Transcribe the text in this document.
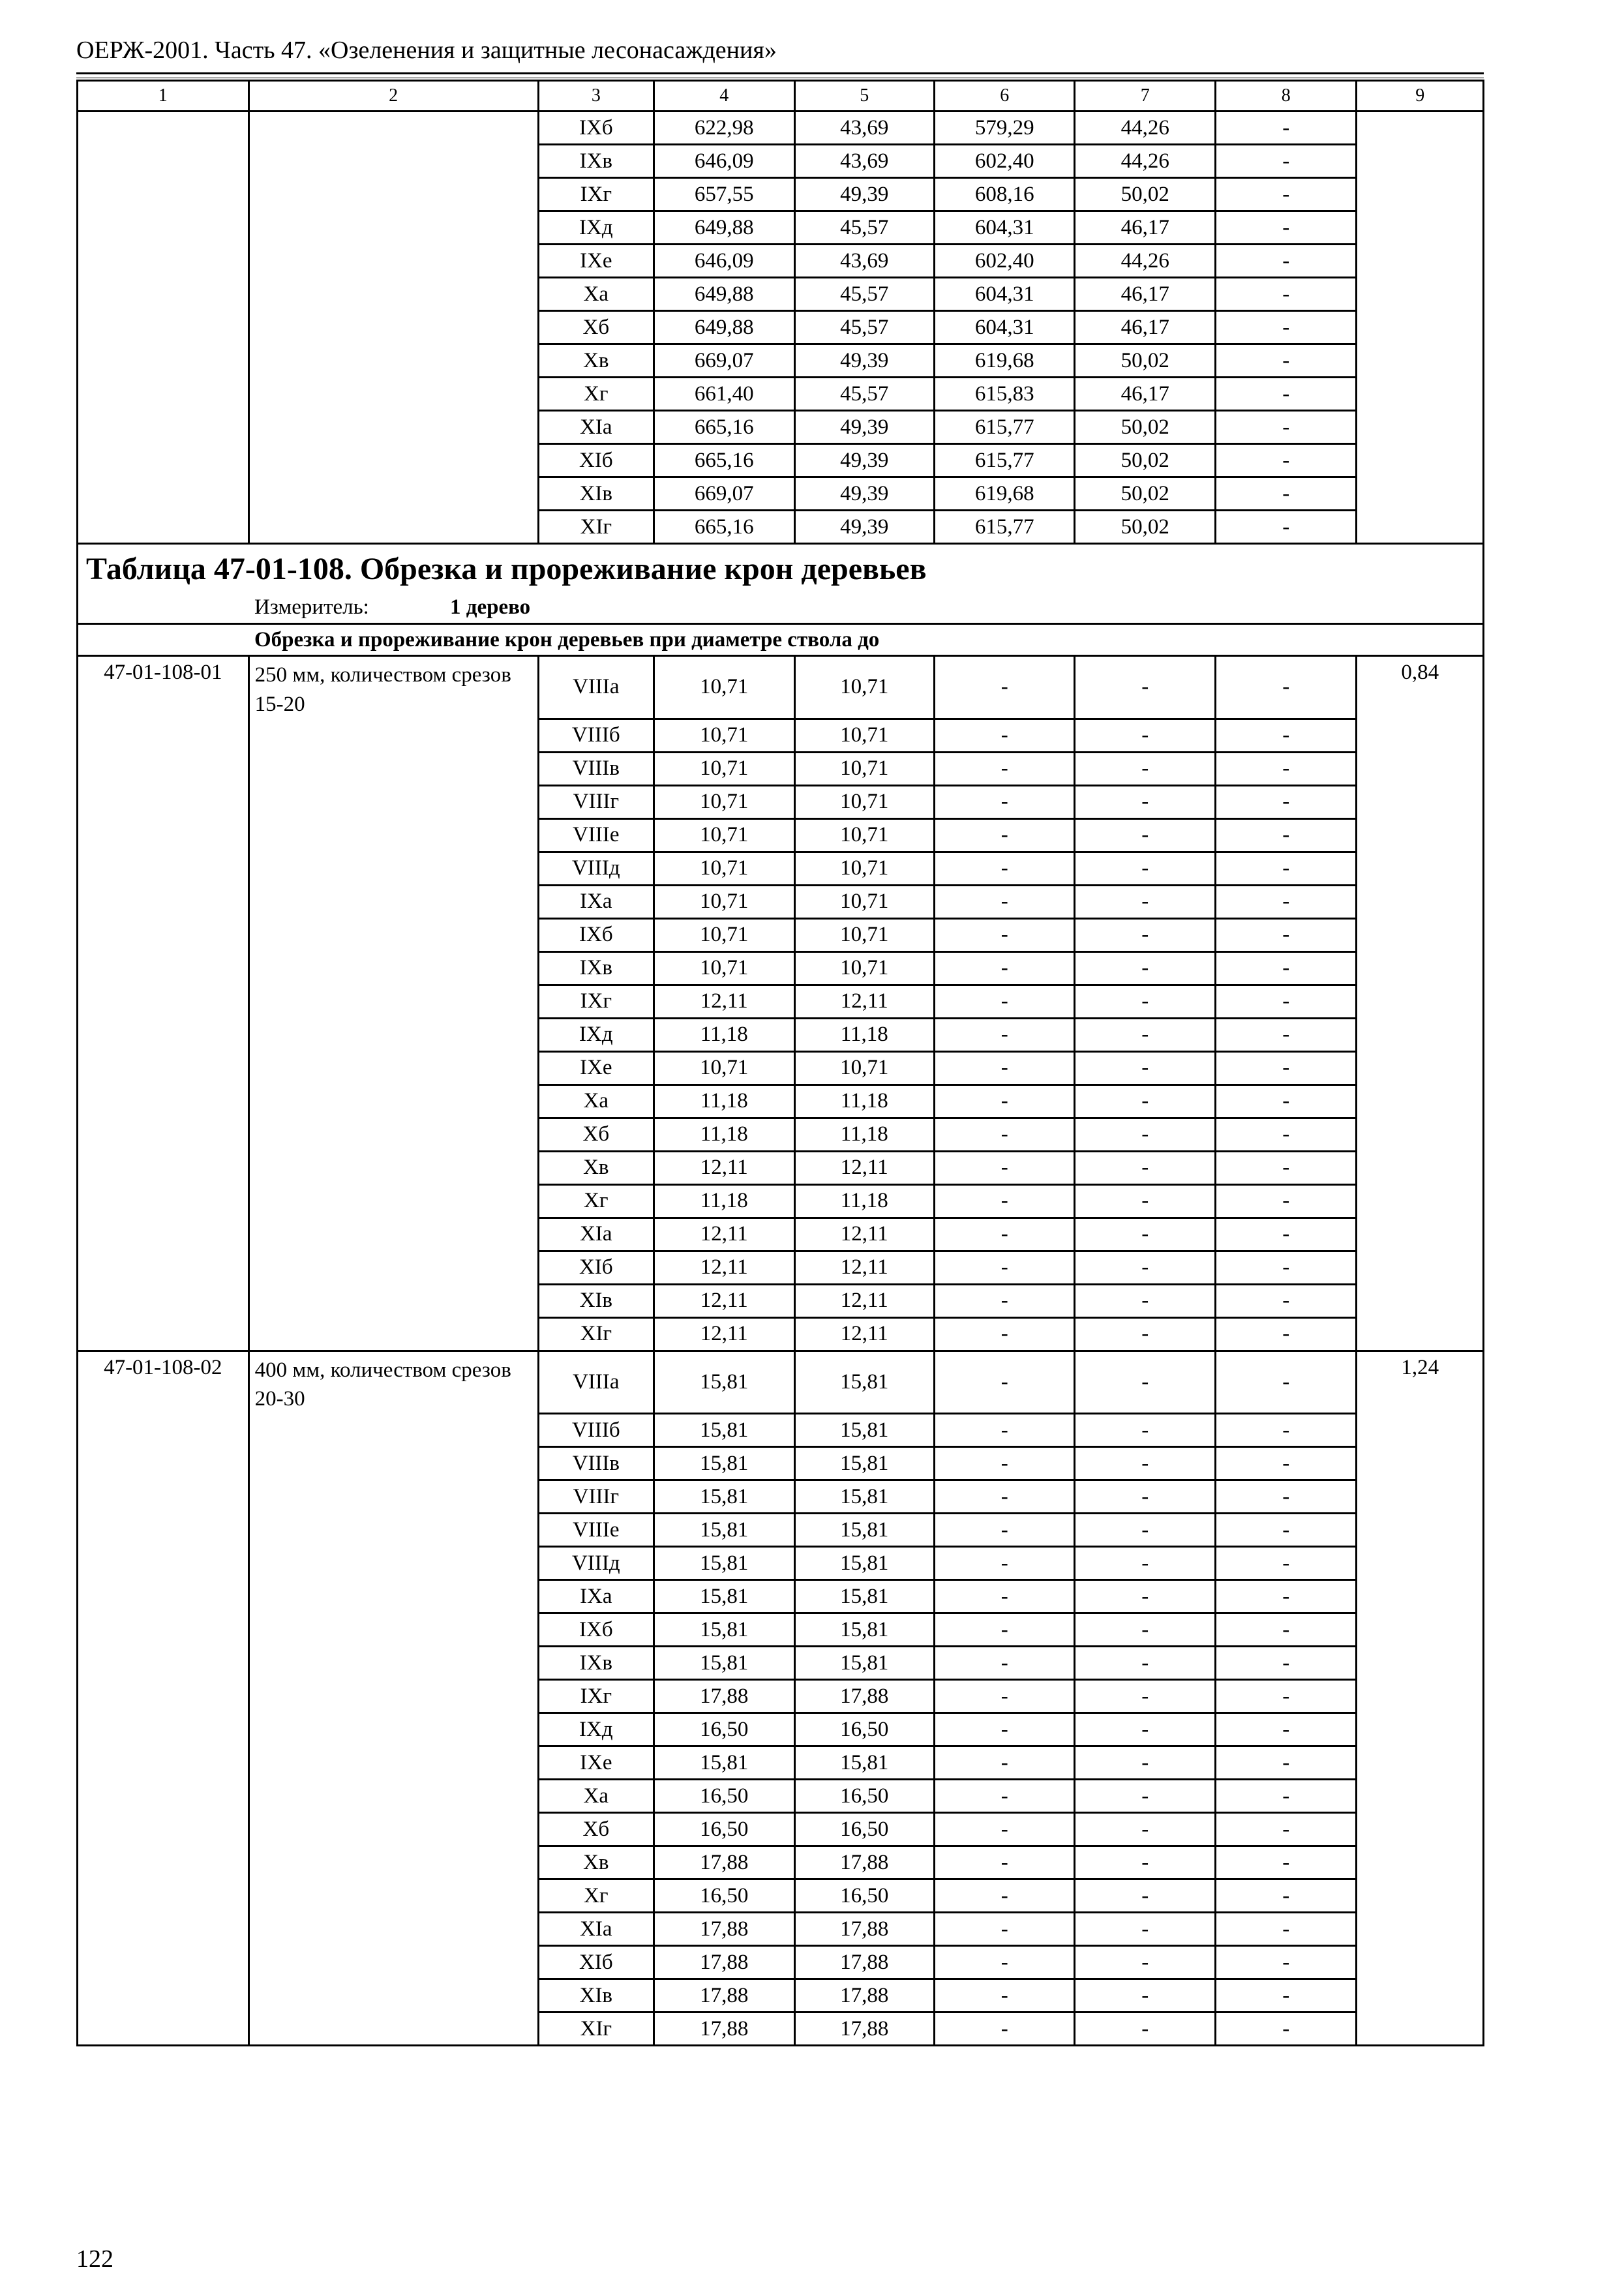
ОЕРЖ-2001. Часть 47. «Озеленения и защитные лесонасаждения»
1	2	3	4	5	6	7	8	9
		IXб	622,98	43,69	579,29	44,26	-	
		IXв	646,09	43,69	602,40	44,26	-	
		IXг	657,55	49,39	608,16	50,02	-	
		IXд	649,88	45,57	604,31	46,17	-	
		IXе	646,09	43,69	602,40	44,26	-	
		Xа	649,88	45,57	604,31	46,17	-	
		Xб	649,88	45,57	604,31	46,17	-	
		Xв	669,07	49,39	619,68	50,02	-	
		Xг	661,40	45,57	615,83	46,17	-	
		XIа	665,16	49,39	615,77	50,02	-	
		XIб	665,16	49,39	615,77	50,02	-	
		XIв	669,07	49,39	619,68	50,02	-	
		XIг	665,16	49,39	615,77	50,02	-	

Таблица 47-01-108. Обрезка и прореживание крон деревьев
Измеритель: 1 дерево								

Обрезка и прореживание крон деревьев при диаметре ствола до								
47-01-108-01	250 мм, количеством срезов 15-20	VIIIа	10,71	10,71	-	-	-	0,84
		VIIIб	10,71	10,71	-	-	-	
		VIIIв	10,71	10,71	-	-	-	
		VIIIг	10,71	10,71	-	-	-	
		VIIIе	10,71	10,71	-	-	-	
		VIIIд	10,71	10,71	-	-	-	
		IXа	10,71	10,71	-	-	-	
		IXб	10,71	10,71	-	-	-	
		IXв	10,71	10,71	-	-	-	
		IXг	12,11	12,11	-	-	-	
		IXд	11,18	11,18	-	-	-	
		IXе	10,71	10,71	-	-	-	
		Xа	11,18	11,18	-	-	-	
		Xб	11,18	11,18	-	-	-	
		Xв	12,11	12,11	-	-	-	
		Xг	11,18	11,18	-	-	-	
		XIа	12,11	12,11	-	-	-	
		XIб	12,11	12,11	-	-	-	
		XIв	12,11	12,11	-	-	-	
		XIг	12,11	12,11	-	-	-	
47-01-108-02	400 мм, количеством срезов 20-30	VIIIа	15,81	15,81	-	-	-	1,24
		VIIIб	15,81	15,81	-	-	-	
		VIIIв	15,81	15,81	-	-	-	
		VIIIг	15,81	15,81	-	-	-	
		VIIIе	15,81	15,81	-	-	-	
		VIIIд	15,81	15,81	-	-	-	
		IXа	15,81	15,81	-	-	-	
		IXб	15,81	15,81	-	-	-	
		IXв	15,81	15,81	-	-	-	
		IXг	17,88	17,88	-	-	-	
		IXд	16,50	16,50	-	-	-	
		IXе	15,81	15,81	-	-	-	
		Xа	16,50	16,50	-	-	-	
		Xб	16,50	16,50	-	-	-	
		Xв	17,88	17,88	-	-	-	
		Xг	16,50	16,50	-	-	-	
		XIа	17,88	17,88	-	-	-	
		XIб	17,88	17,88	-	-	-	
		XIв	17,88	17,88	-	-	-	
		XIг	17,88	17,88	-	-	-	
122
